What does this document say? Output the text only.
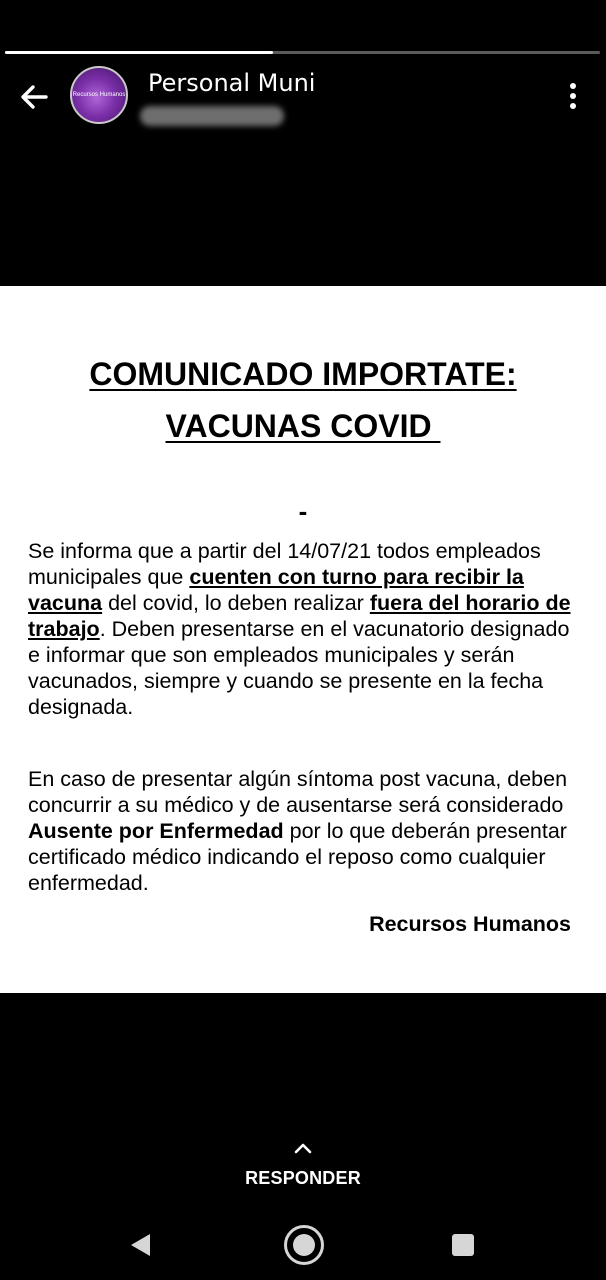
Recursos Humanos Personal Muni
COMUNICADO IMPORTATE:
VACUNAS COVID
-
Se informa que a partir del 14/07/21 todos empleados municipales que cuenten con turno para recibir la vacuna del covid, lo deben realizar fuera del horario de trabajo. Deben presentarse en el vacunatorio designado e informar que son empleados municipales y serán vacunados, siempre y cuando se presente en la fecha designada.
En caso de presentar algún síntoma post vacuna, deben concurrir a su médico y de ausentarse será considerado Ausente por Enfermedad por lo que deberán presentar certificado médico indicando el reposo como cualquier enfermedad.
Recursos Humanos
RESPONDER
